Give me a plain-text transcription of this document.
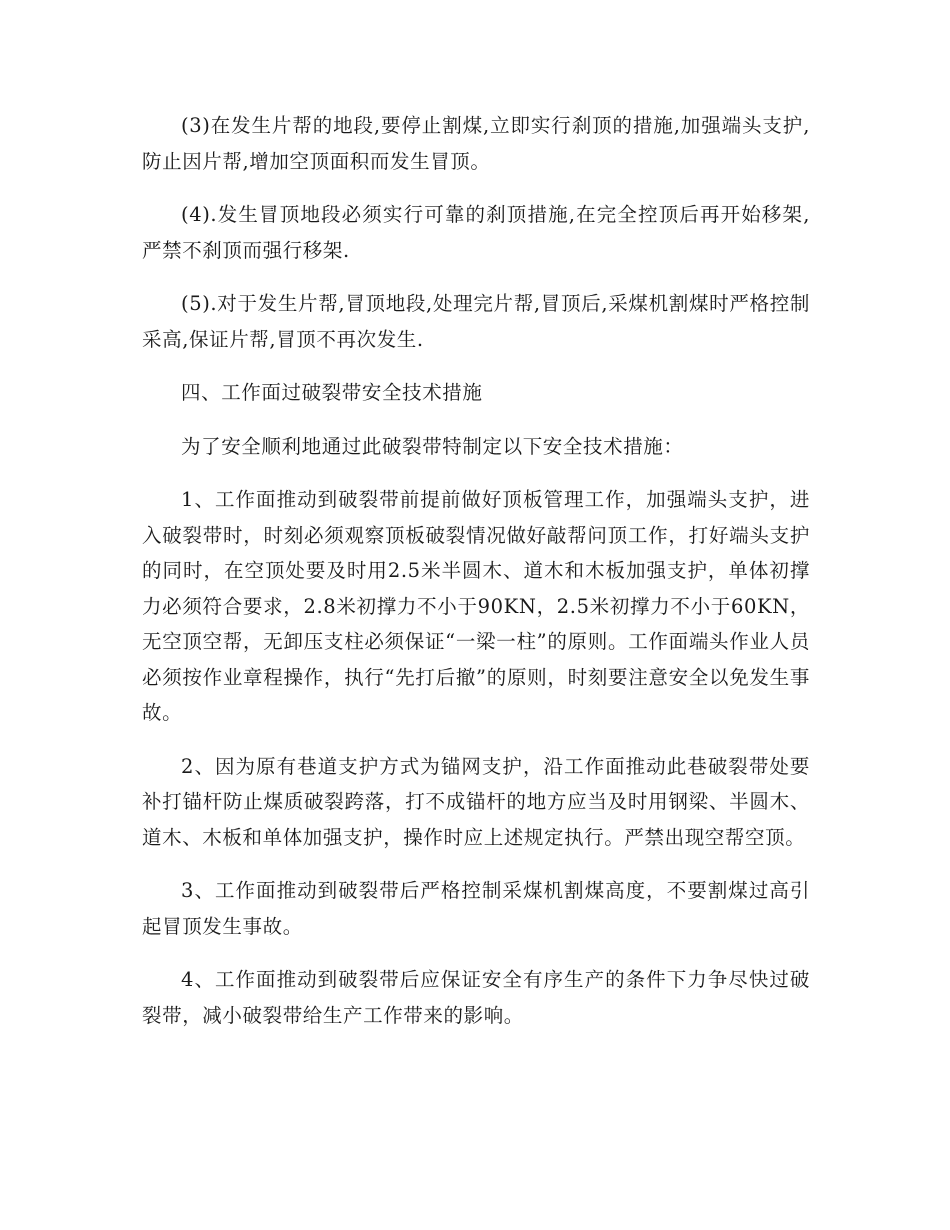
(3)在发生片帮的地段,要停止割煤,立即实行刹顶的措施,加强端头支护,防止因片帮,增加空顶面积而发生冒顶。

(4).发生冒顶地段必须实行可靠的刹顶措施,在完全控顶后再开始移架,严禁不刹顶而强行移架.

(5).对于发生片帮,冒顶地段,处理完片帮,冒顶后,采煤机割煤时严格控制采高,保证片帮,冒顶不再次发生.

四、工作面过破裂带安全技术措施

为了安全顺利地通过此破裂带特制定以下安全技术措施：

1、工作面推动到破裂带前提前做好顶板管理工作，加强端头支护，进入破裂带时，时刻必须观察顶板破裂情况做好敲帮问顶工作，打好端头支护的同时，在空顶处要及时用2.5米半圆木、道木和木板加强支护，单体初撑力必须符合要求，2.8米初撑力不小于90KN，2.5米初撑力不小于60KN，无空顶空帮，无卸压支柱必须保证“一梁一柱”的原则。工作面端头作业人员必须按作业章程操作，执行“先打后撤”的原则，时刻要注意安全以免发生事故。

2、因为原有巷道支护方式为锚网支护，沿工作面推动此巷破裂带处要补打锚杆防止煤质破裂跨落，打不成锚杆的地方应当及时用钢梁、半圆木、道木、木板和单体加强支护，操作时应上述规定执行。严禁出现空帮空顶。

3、工作面推动到破裂带后严格控制采煤机割煤高度，不要割煤过高引起冒顶发生事故。

4、工作面推动到破裂带后应保证安全有序生产的条件下力争尽快过破裂带，减小破裂带给生产工作带来的影响。
